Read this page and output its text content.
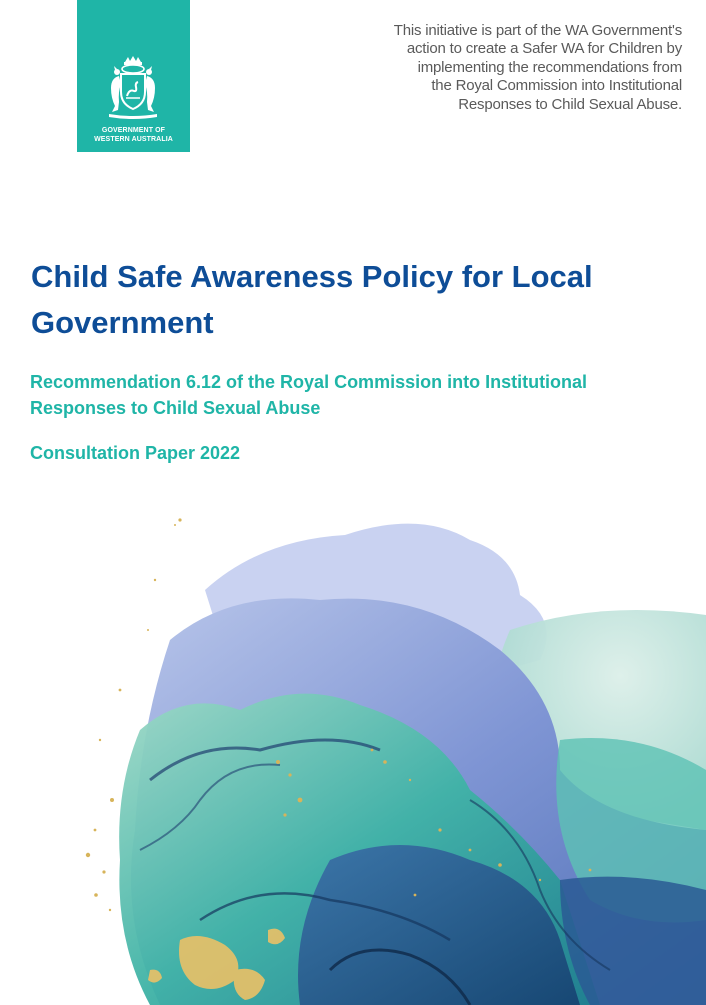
GOVERNMENT OF
WESTERN AUSTRALIA
This initiative is part of the WA Government's
action to create a Safer WA for Children by
implementing the recommendations from
the Royal Commission into Institutional
Responses to Child Sexual Abuse.
Child Safe Awareness Policy for Local
Government
Recommendation 6.12 of the Royal Commission into Institutional
Responses to Child Sexual Abuse
Consultation Paper 2022
